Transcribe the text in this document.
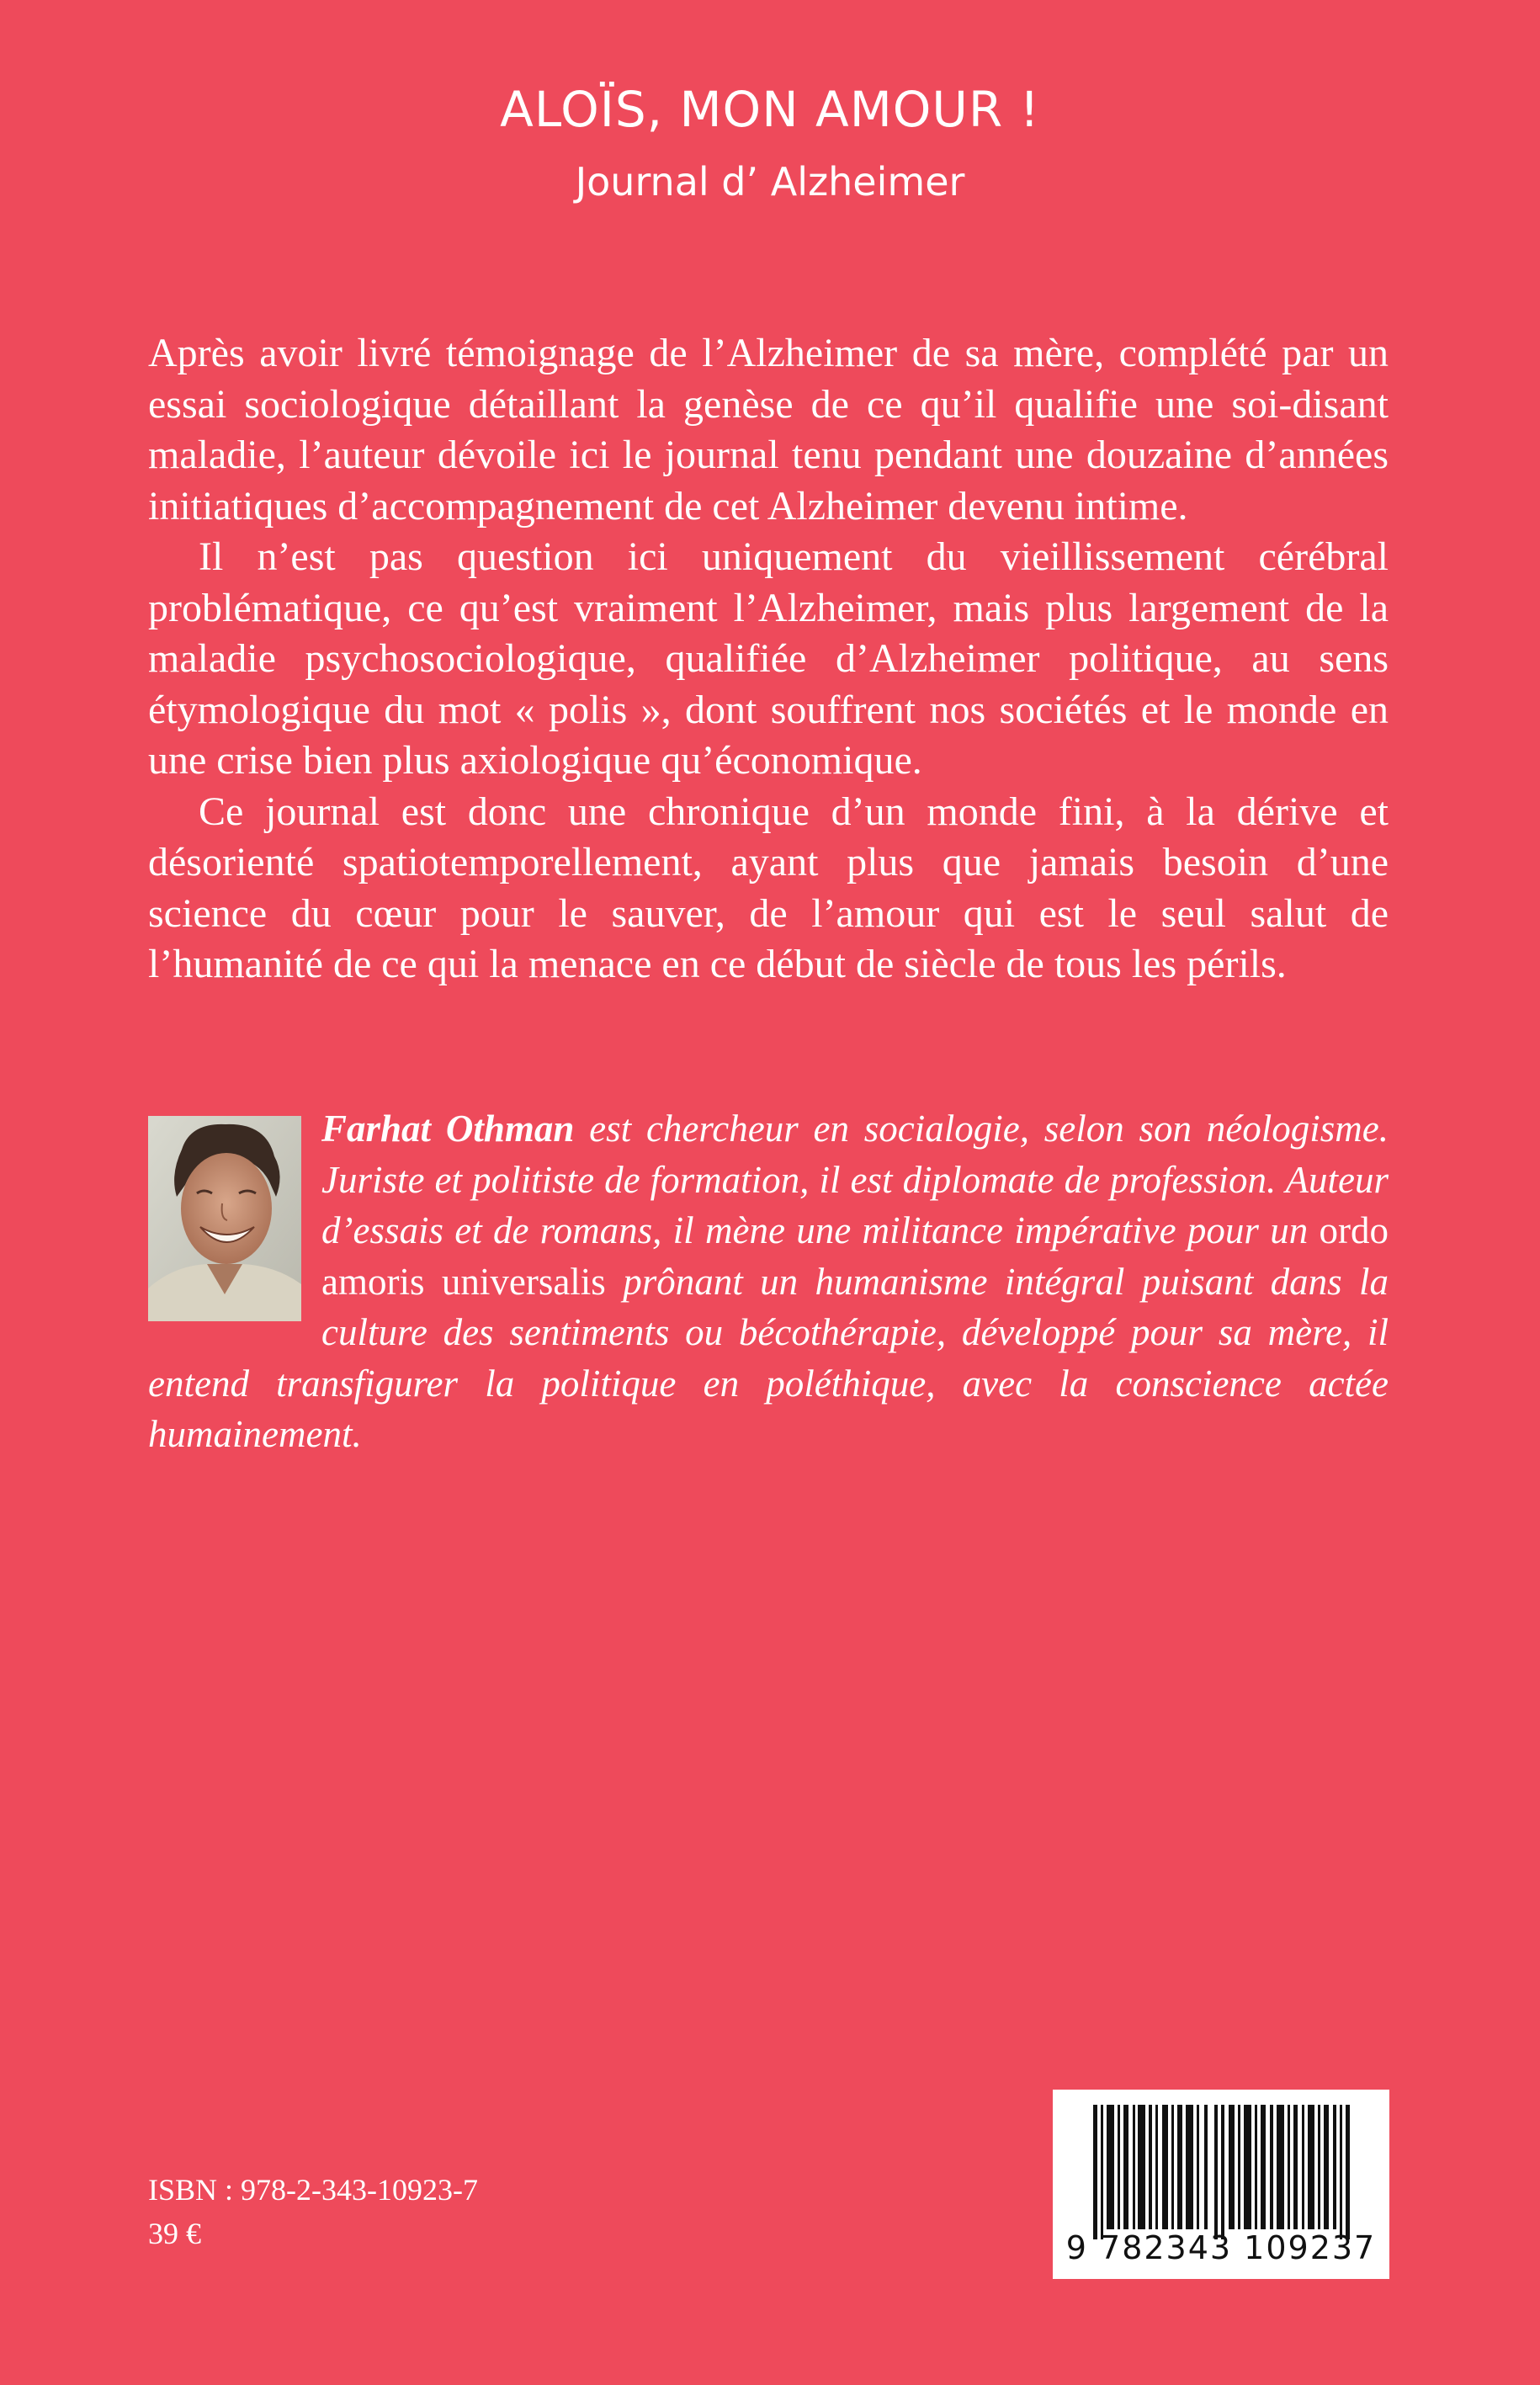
ALOÏS, MON AMOUR !
Journal d’ Alzheimer

Après avoir livré témoignage de l’Alzheimer de sa mère, complété par un essai sociologique détaillant la genèse de ce qu’il qualifie une soi-disant maladie, l’auteur dévoile ici le journal tenu pendant une douzaine d’années initiatiques d’accompagnement de cet Alzheimer devenu intime.

Il n’est pas question ici uniquement du vieillissement cérébral problématique, ce qu’est vraiment l’Alzheimer, mais plus largement de la maladie psychosociologique, qualifiée d’Alzheimer politique, au sens étymologique du mot « polis », dont souffrent nos sociétés et le monde en une crise bien plus axiologique qu’économique.

Ce journal est donc une chronique d’un monde fini, à la dérive et désorienté spatiotemporellement, ayant plus que jamais besoin d’une science du cœur pour le sauver, de l’amour qui est le seul salut de l’humanité de ce qui la menace en ce début de siècle de tous les périls.

Farhat Othman est chercheur en socialogie, selon son néologisme. Juriste et politiste de formation, il est diplomate de profession. Auteur d’essais et de romans, il mène une militance impérative pour un ordo amoris universalis prônant un humanisme intégral puisant dans la culture des sentiments ou bécothérapie, développé pour sa mère, il entend transfigurer la politique en poléthique, avec la conscience actée humainement.
ISBN : 978-2-343-10923-7
39 €	9 782343 109237
